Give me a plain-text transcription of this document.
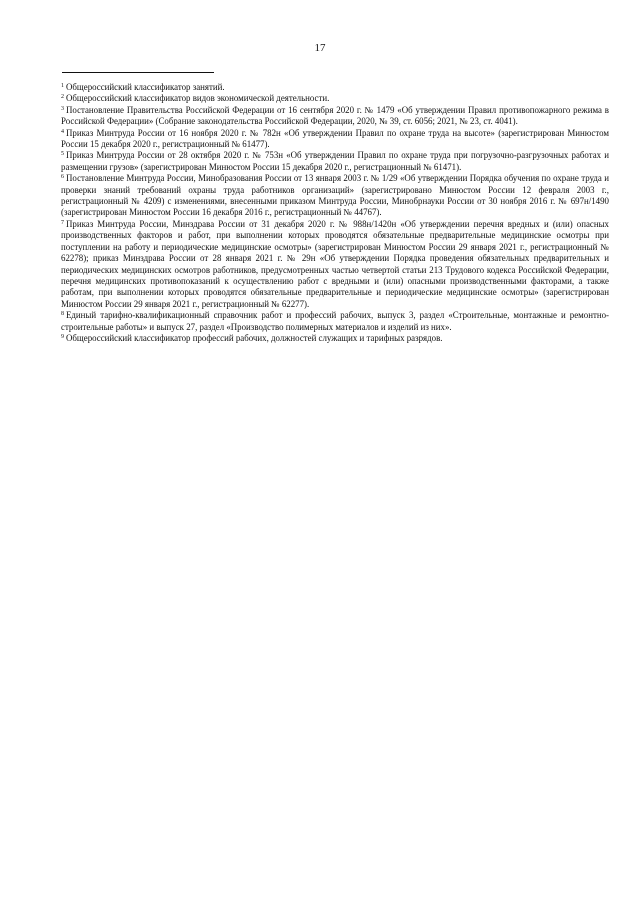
17

$^1$ Общероссийский классификатор занятий.

$^2$ Общероссийский классификатор видов экономической деятельности.

$^3$ Постановление Правительства Российской Федерации от 16 сентября 2020 г. № 1479 «Об утверждении Правил противопожарного режима в Российской Федерации» (Собрание законодательства Российской Федерации, 2020, № 39, ст. 6056; 2021, № 23, ст. 4041).

$^4$ Приказ Минтруда России от 16 ноября 2020 г. № 782н «Об утверждении Правил по охране труда на высоте» (зарегистрирован Минюстом России 15 декабря 2020 г., регистрационный № 61477).

$^5$ Приказ Минтруда России от 28 октября 2020 г. № 753н «Об утверждении Правил по охране труда при погрузочно-разгрузочных работах и размещении грузов» (зарегистрирован Минюстом России 15 декабря 2020 г., регистрационный № 61471).

$^6$ Постановление Минтруда России, Минобразования России от 13 января 2003 г. № 1/29 «Об утверждении Порядка обучения по охране труда и проверки знаний требований охраны труда работников организаций» (зарегистрировано Минюстом России 12 февраля 2003 г., регистрационный № 4209) с изменениями, внесенными приказом Минтруда России, Минобрнауки России от 30 ноября 2016 г. № 697н/1490 (зарегистрирован Минюстом России 16 декабря 2016 г., регистрационный № 44767).

$^7$ Приказ Минтруда России, Минздрава России от 31 декабря 2020 г. № 988н/1420н «Об утверждении перечня вредных и (или) опасных производственных факторов и работ, при выполнении которых проводятся обязательные предварительные медицинские осмотры при поступлении на работу и периодические медицинские осмотры» (зарегистрирован Минюстом России 29 января 2021 г., регистрационный № 62278); приказ Минздрава России от 28 января 2021 г. № 29н «Об утверждении Порядка проведения обязательных предварительных и периодических медицинских осмотров работников, предусмотренных частью четвертой статьи 213 Трудового кодекса Российской Федерации, перечня медицинских противопоказаний к осуществлению работ с вредными и (или) опасными производственными факторами, а также работам, при выполнении которых проводятся обязательные предварительные и периодические медицинские осмотры» (зарегистрирован Минюстом России 29 января 2021 г., регистрационный № 62277).

$^8$ Единый тарифно-квалификационный справочник работ и профессий рабочих, выпуск 3, раздел «Строительные, монтажные и ремонтно-строительные работы» и выпуск 27, раздел «Производство полимерных материалов и изделий из них».

$^9$ Общероссийский классификатор профессий рабочих, должностей служащих и тарифных разрядов.
